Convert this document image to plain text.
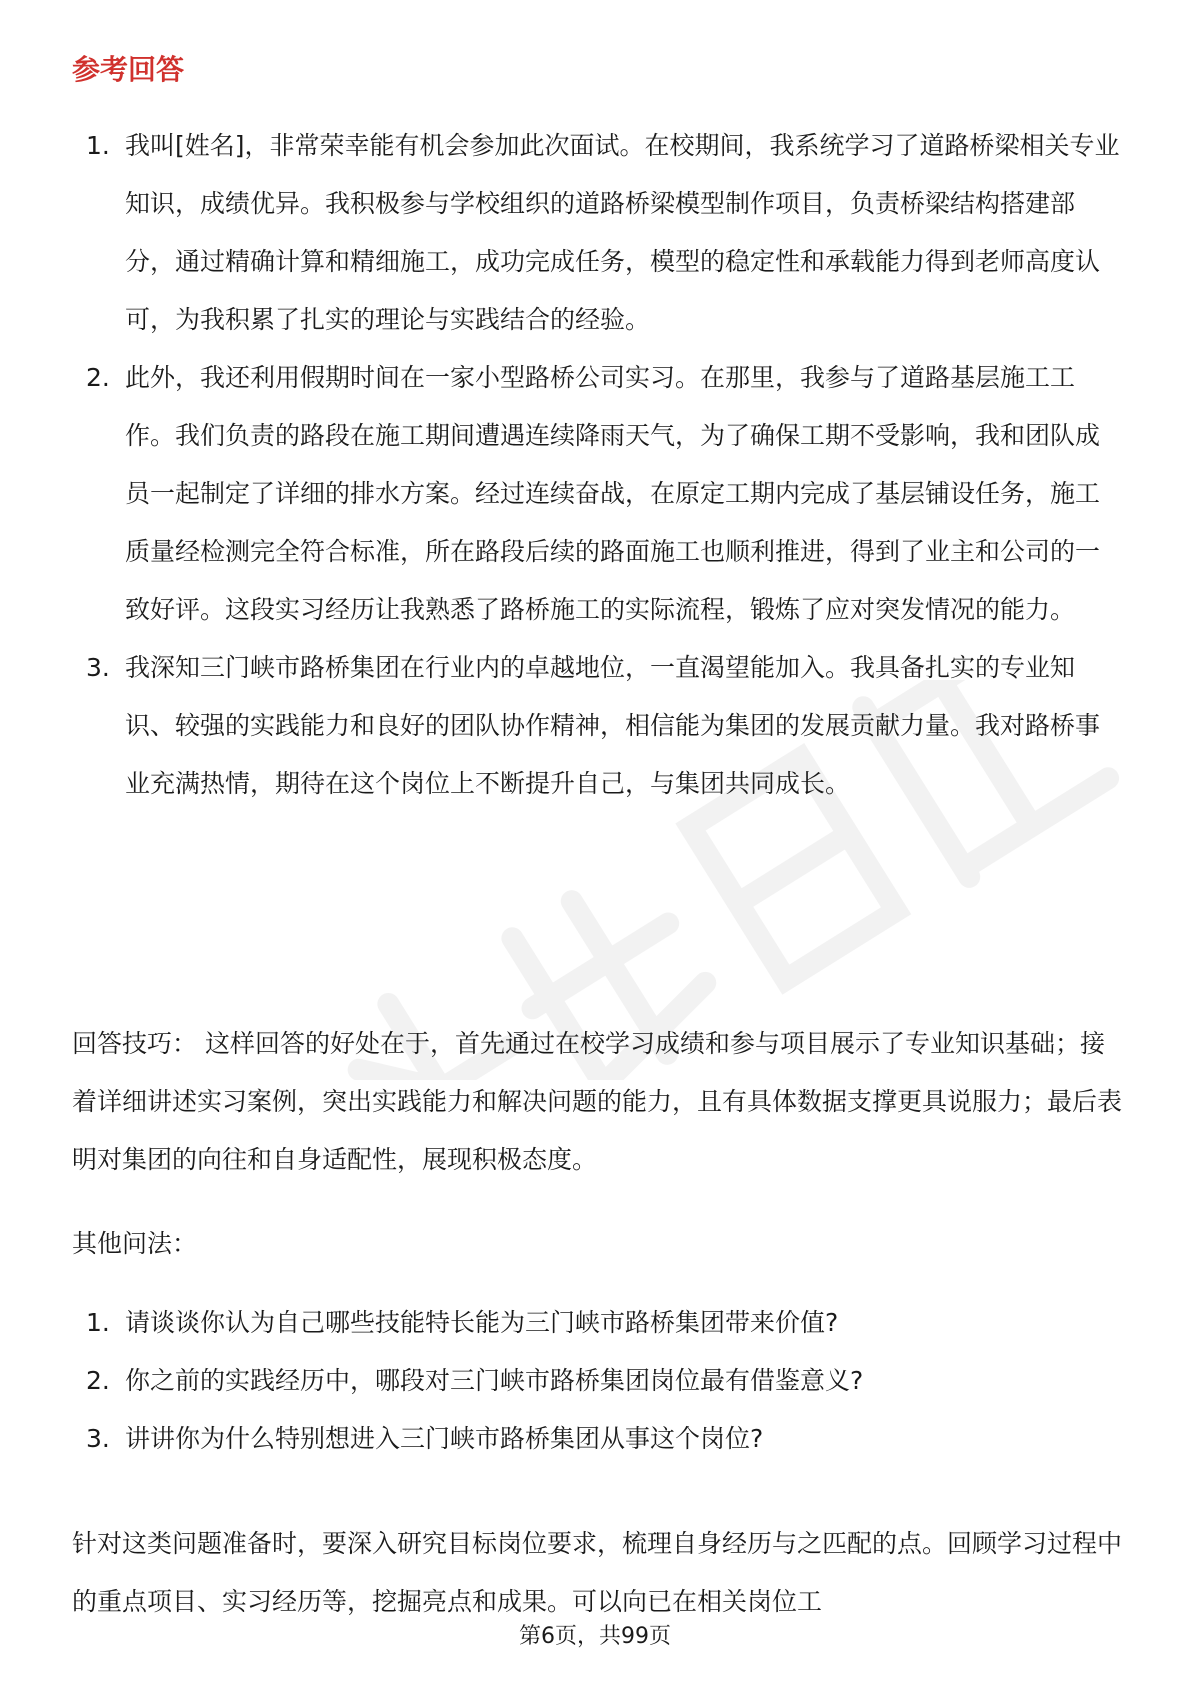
参考回答
1. 我叫[姓名]，非常荣幸能有机会参加此次面试。在校期间，我系统学习了道路桥梁相关专业知识，成绩优异。我积极参与学校组织的道路桥梁模型制作项目，负责桥梁结构搭建部分，通过精确计算和精细施工，成功完成任务，模型的稳定性和承载能力得到老师高度认可，为我积累了扎实的理论与实践结合的经验。
2. 此外，我还利用假期时间在一家小型路桥公司实习。在那里，我参与了道路基层施工工作。我们负责的路段在施工期间遭遇连续降雨天气，为了确保工期不受影响，我和团队成员一起制定了详细的排水方案。经过连续奋战，在原定工期内完成了基层铺设任务，施工质量经检测完全符合标准，所在路段后续的路面施工也顺利推进，得到了业主和公司的一致好评。这段实习经历让我熟悉了路桥施工的实际流程，锻炼了应对突发情况的能力。
3. 我深知三门峡市路桥集团在行业内的卓越地位，一直渴望能加入。我具备扎实的专业知识、较强的实践能力和良好的团队协作精神，相信能为集团的发展贡献力量。我对路桥事业充满热情，期待在这个岗位上不断提升自己，与集团共同成长。

回答技巧： 这样回答的好处在于，首先通过在校学习成绩和参与项目展示了专业知识基础；接着详细讲述实习案例，突出实践能力和解决问题的能力，且有具体数据支撑更具说服力；最后表明对集团的向往和自身适配性，展现积极态度。

其他问法：

1. 请谈谈你认为自己哪些技能特长能为三门峡市路桥集团带来价值?
2. 你之前的实践经历中，哪段对三门峡市路桥集团岗位最有借鉴意义?
3. 讲讲你为什么特别想进入三门峡市路桥集团从事这个岗位?

针对这类问题准备时，要深入研究目标岗位要求，梳理自身经历与之匹配的点。回顾学习过程中的重点项目、实习经历等，挖掘亮点和成果。可以向已在相关岗位工

第6页，共99页
